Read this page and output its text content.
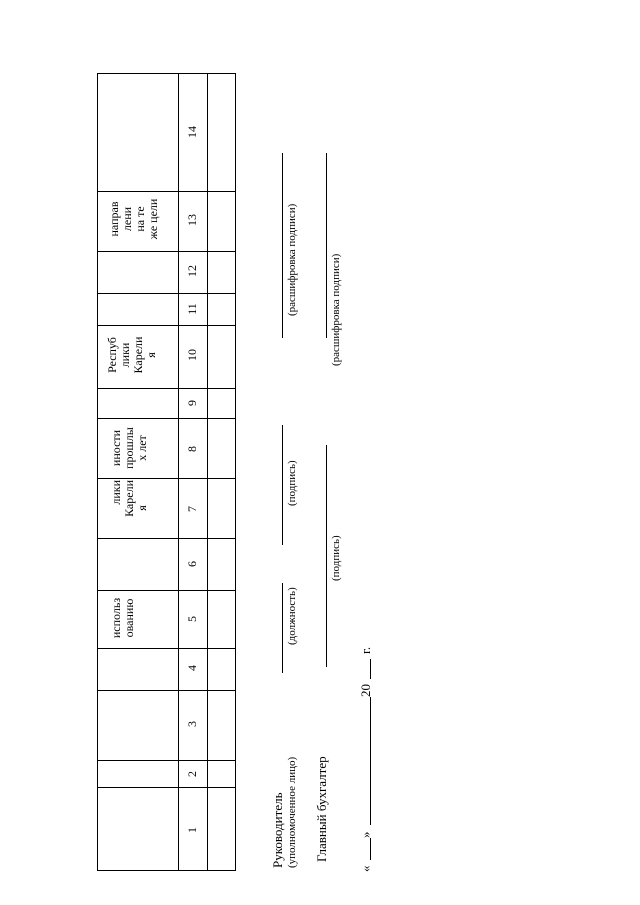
направ лени на те же цели
Респуб лики Карели я
иности прошлы х лет
лики Карели я
использ ованию
14
13
12
11
10
9
8
7
6
5
4
3
2
1	Руководитель (уполномоченное лицо)
(должность)
(подпись)
(расшифровка подписи)
Главный бухгалтер
(подпись)
(расшифровка подписи)
«
»
20
г.
